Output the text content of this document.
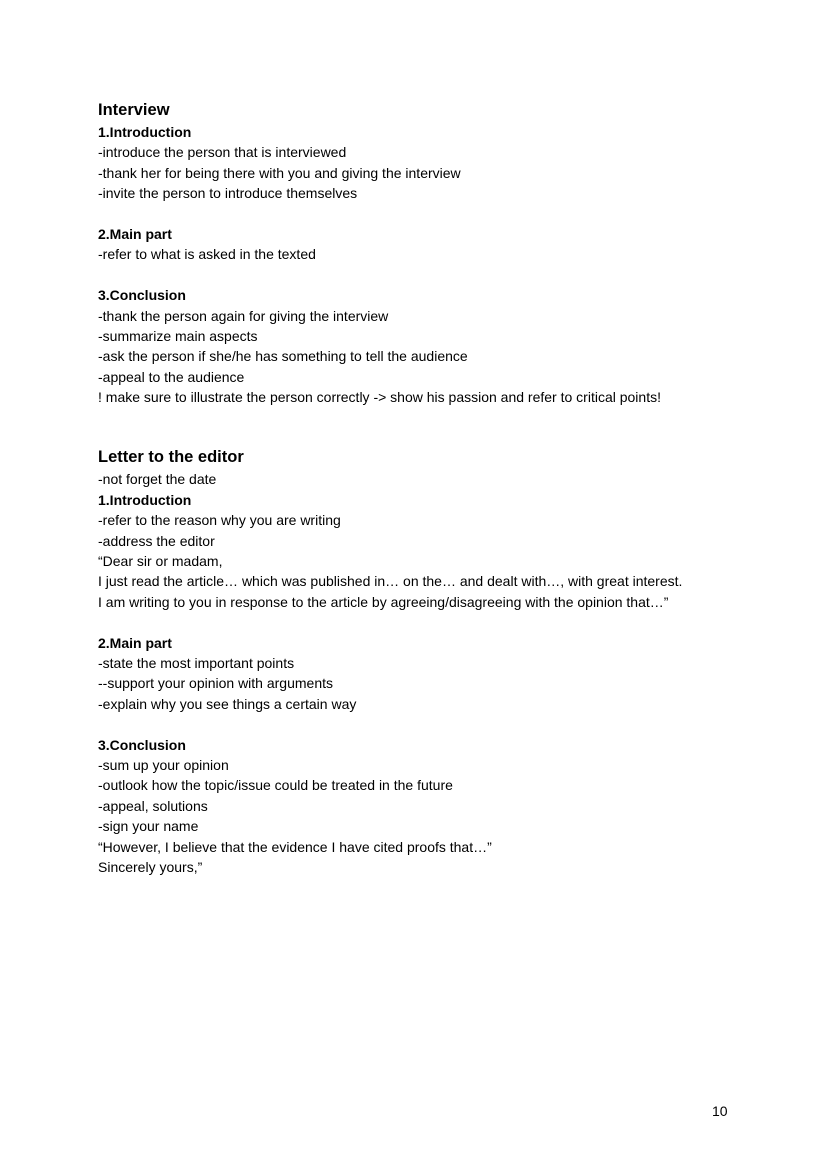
Interview
1.Introduction
-introduce the person that is interviewed
-thank her for being there with you and giving the interview
-invite the person to introduce themselves
2.Main part
-refer to what is asked in the texted
3.Conclusion
-thank the person again for giving the interview
-summarize main aspects
-ask the person if she/he has something to tell the audience
-appeal to the audience
! make sure to illustrate the person correctly -> show his passion and refer to critical points!
Letter to the editor
-not forget the date
1.Introduction
-refer to the reason why you are writing
-address the editor
“Dear sir or madam,
I just read the article… which was published in… on the… and dealt with…, with great interest.
I am writing to you in response to the article by agreeing/disagreeing with the opinion that…”
2.Main part
-state the most important points
--support your opinion with arguments
-explain why you see things a certain way
3.Conclusion
-sum up your opinion
-outlook how the topic/issue could be treated in the future
-appeal, solutions
-sign your name
“However, I believe that the evidence I have cited proofs that…”
Sincerely yours,”
10
